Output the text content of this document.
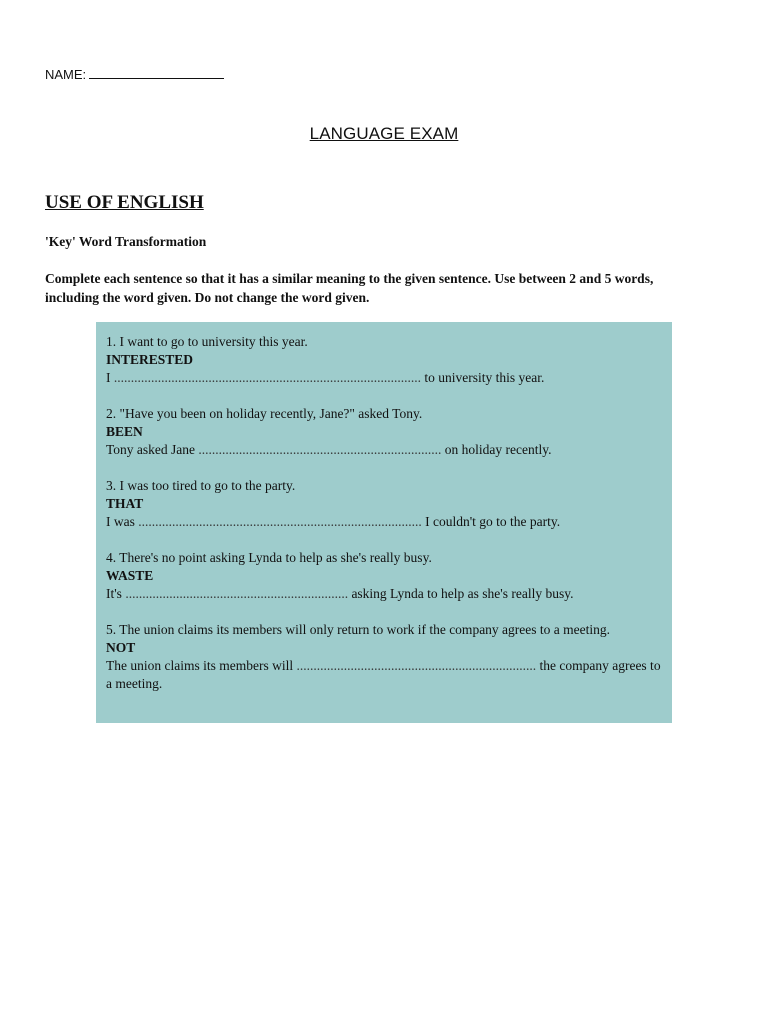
NAME:
LANGUAGE EXAM
USE OF ENGLISH
'Key' Word Transformation
Complete each sentence so that it has a similar meaning to the given sentence. Use between 2 and 5 words, including the word given. Do not change the word given.
1. I want to go to university this year.
INTERESTED
I ........................................................................................... to university this year.
2. "Have you been on holiday recently, Jane?" asked Tony.
BEEN
Tony asked Jane ........................................................................ on holiday recently.
3. I was too tired to go to the party.
THAT
I was .................................................................................... I couldn't go to the party.
4. There's no point asking Lynda to help as she's really busy.
WASTE
It's .................................................................. asking Lynda to help as she's really busy.
5. The union claims its members will only return to work if the company agrees to a meeting.
NOT
The union claims its members will ....................................................................... the company agrees to a meeting.
